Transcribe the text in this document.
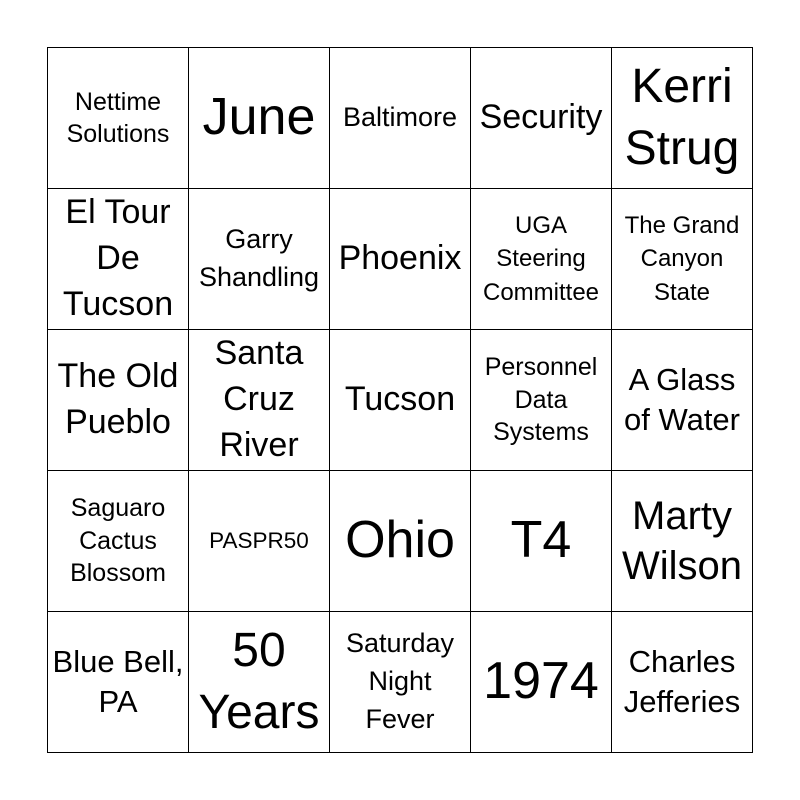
Nettime Solutions June Baltimore Security
Kerri Strug
El Tour De Tucson
Garry Shandling Phoenix
UGA Steering Committee
The Grand Canyon State
The Old Pueblo
Santa Cruz River
Tucson
Personnel Data Systems
A Glass of Water
Saguaro Cactus Blossom
PASPR50 Ohio T4	Marty Wilson
Blue Bell, PA
50 Years
Saturday Night Fever
1974 Charles Jefferies
